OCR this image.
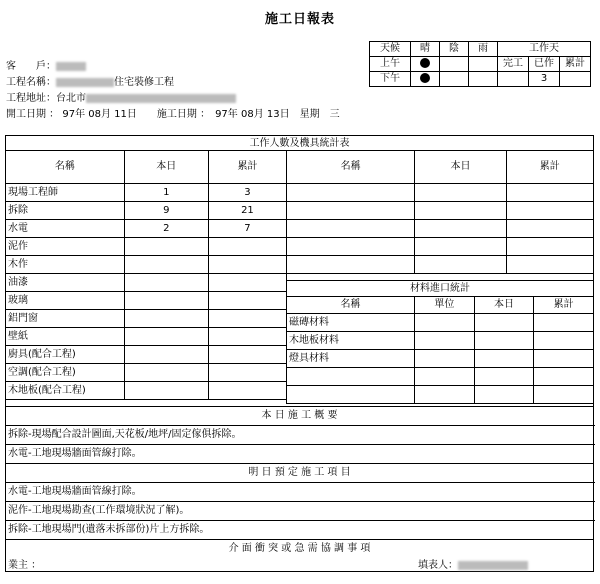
施工日報表
客　　戶：
工程名稱：	住宅裝修工程
工程地址：台北市
開工日期 ： 97年 08月 11日　　施工日期 ：　97年 08月 13日　星期　三
天候	晴	陰	雨	工作天		
上午				完工	已作	累計
下午					3	
工作人數及機具統計表
名稱	本日	累計
現場工程師	1	3
拆除	9	21
水電	2	7
泥作		
木作		
油漆		
玻璃		
鋁門窗		
壁紙		
廚具(配合工程)		
空調(配合工程)		
木地板(配合工程)		
名稱	本日	累計

材料進口統計
名稱	單位	本日	累計
磁磚材料			
木地板材料			
燈具材料			

本 日 施 工 概 要
拆除-現場配合設計圖面,天花板/地坪/固定傢俱拆除。
水電-工地現場牆面管線打除。
明 日 預 定 施 工 項 目
水電-工地現場牆面管線打除。
泥作-工地現場勘查(工作環境狀況了解)。
拆除-工地現場門(遺落未拆部份)片上方拆除。
介 面 衝 突 或 急 需 協 調 事 項
業主 ：	填表人：
